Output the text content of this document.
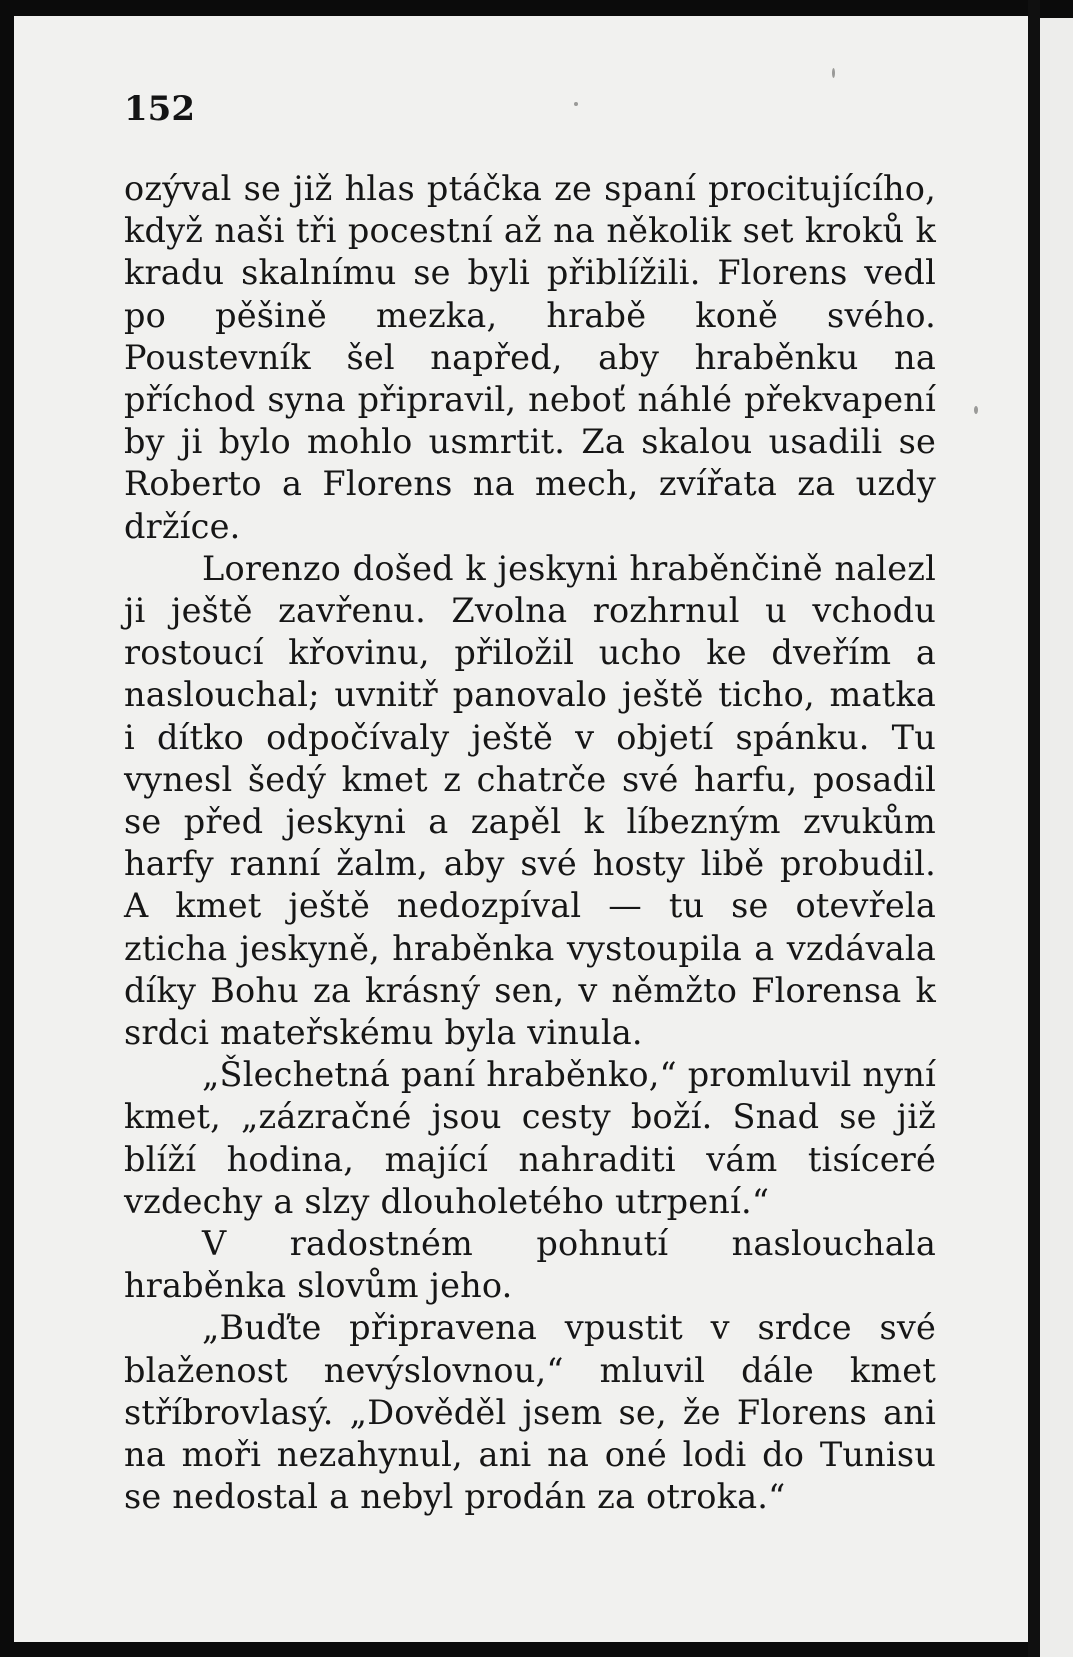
152

ozýval se již hlas ptáčka ze spaní procitujícího, když naši tři pocestní až na několik set kroků k kradu skalnímu se byli přiblížili. Florens vedl po pěšině mezka, hrabě koně svého. Poustevník šel napřed, aby hraběnku na příchod syna připravil, neboť náhlé překvapení by ji bylo mohlo usmrtit. Za skalou usadili se Roberto a Florens na mech, zvířata za uzdy držíce.

Lorenzo došed k jeskyni hraběnčině nalezl ji ještě zavřenu. Zvolna rozhrnul u vchodu rostoucí křovinu, přiložil ucho ke dveřím a naslouchal; uvnitř panovalo ještě ticho, matka i dítko odpočívaly ještě v objetí spánku. Tu vynesl šedý kmet z chatrče své harfu, posadil se před jeskyni a zapěl k líbezným zvukům harfy ranní žalm, aby své hosty libě probudil. A kmet ještě nedozpíval — tu se otevřela zticha jeskyně, hraběnka vystoupila a vzdávala díky Bohu za krásný sen, v němžto Florensa k srdci mateřskému byla vinula.

„Šlechetná paní hraběnko,“ promluvil nyní kmet, „zázračné jsou cesty boží. Snad se již blíží hodina, mající nahraditi vám tisíceré vzdechy a slzy dlouholetého utrpení.“

V radostném pohnutí naslouchala hraběnka slovům jeho.

„Buďte připravena vpustit v srdce své blaženost nevýslovnou,“ mluvil dále kmet stříbrovlasý. „Dověděl jsem se, že Florens ani na moři nezahynul, ani na oné lodi do Tunisu se nedostal a nebyl prodán za otroka.“
